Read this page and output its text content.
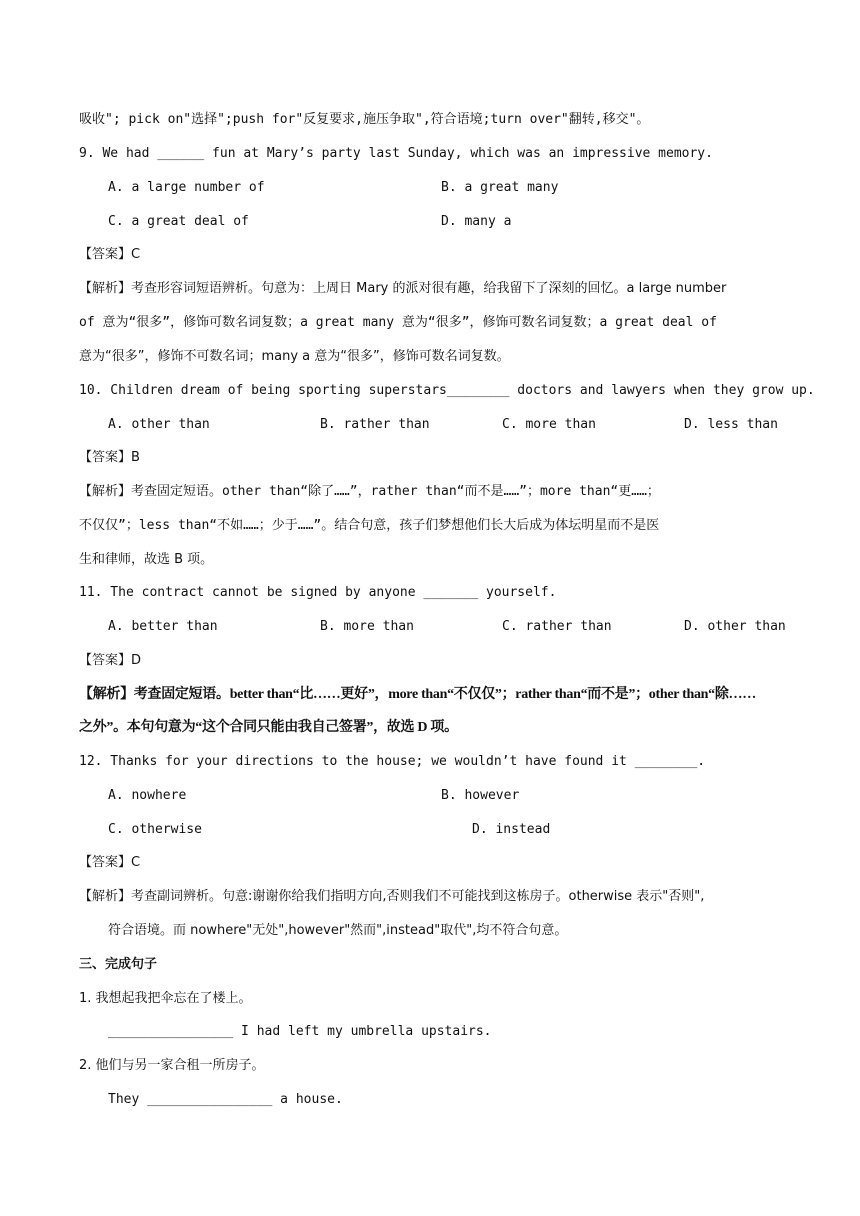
吸收"; pick on"选择";push for"反复要求,施压争取",符合语境;turn over"翻转,移交"。
9. We had ______ fun at Mary’s party last Sunday, which was an impressive memory.
A. a large number of	B. a great many
C. a great deal of	D. many a
【答案】C
【解析】考查形容词短语辨析。句意为：上周日 Mary 的派对很有趣，给我留下了深刻的回忆。a large number
of 意为“很多”，修饰可数名词复数；a great many 意为“很多”，修饰可数名词复数；a great deal of
意为“很多”，修饰不可数名词；many a 意为“很多”，修饰可数名词复数。
10. Children dream of being sporting superstars________ doctors and lawyers when they grow up.
A. other than	B. rather than	C. more than	D. less than
【答案】B
【解析】考查固定短语。other than“除了……”，rather than“而不是……”；more than“更……；
不仅仅”；less than“不如……；少于……”。结合句意，孩子们梦想他们长大后成为体坛明星而不是医
生和律师，故选 B 项。
11. The contract cannot be signed by anyone _______ yourself.
A. better than	B. more than	C. rather than	D. other than
【答案】D
【解析】考查固定短语。better than“比……更好”，more than“不仅仅”；rather than“而不是”；other than“除……
之外”。本句句意为“这个合同只能由我自己签署”，故选 D 项。
12. Thanks for your directions to the house; we wouldn’t have found it ________.
A. nowhere	B. however
C. otherwise	D. instead
【答案】C
【解析】考查副词辨析。句意:谢谢你给我们指明方向,否则我们不可能找到这栋房子。otherwise 表示"否则",
符合语境。而 nowhere"无处",however"然而",instead"取代",均不符合句意。
三、完成句子
1. 我想起我把伞忘在了楼上。
________________ I had left my umbrella upstairs.
2. 他们与另一家合租一所房子。
They ________________ a house.
